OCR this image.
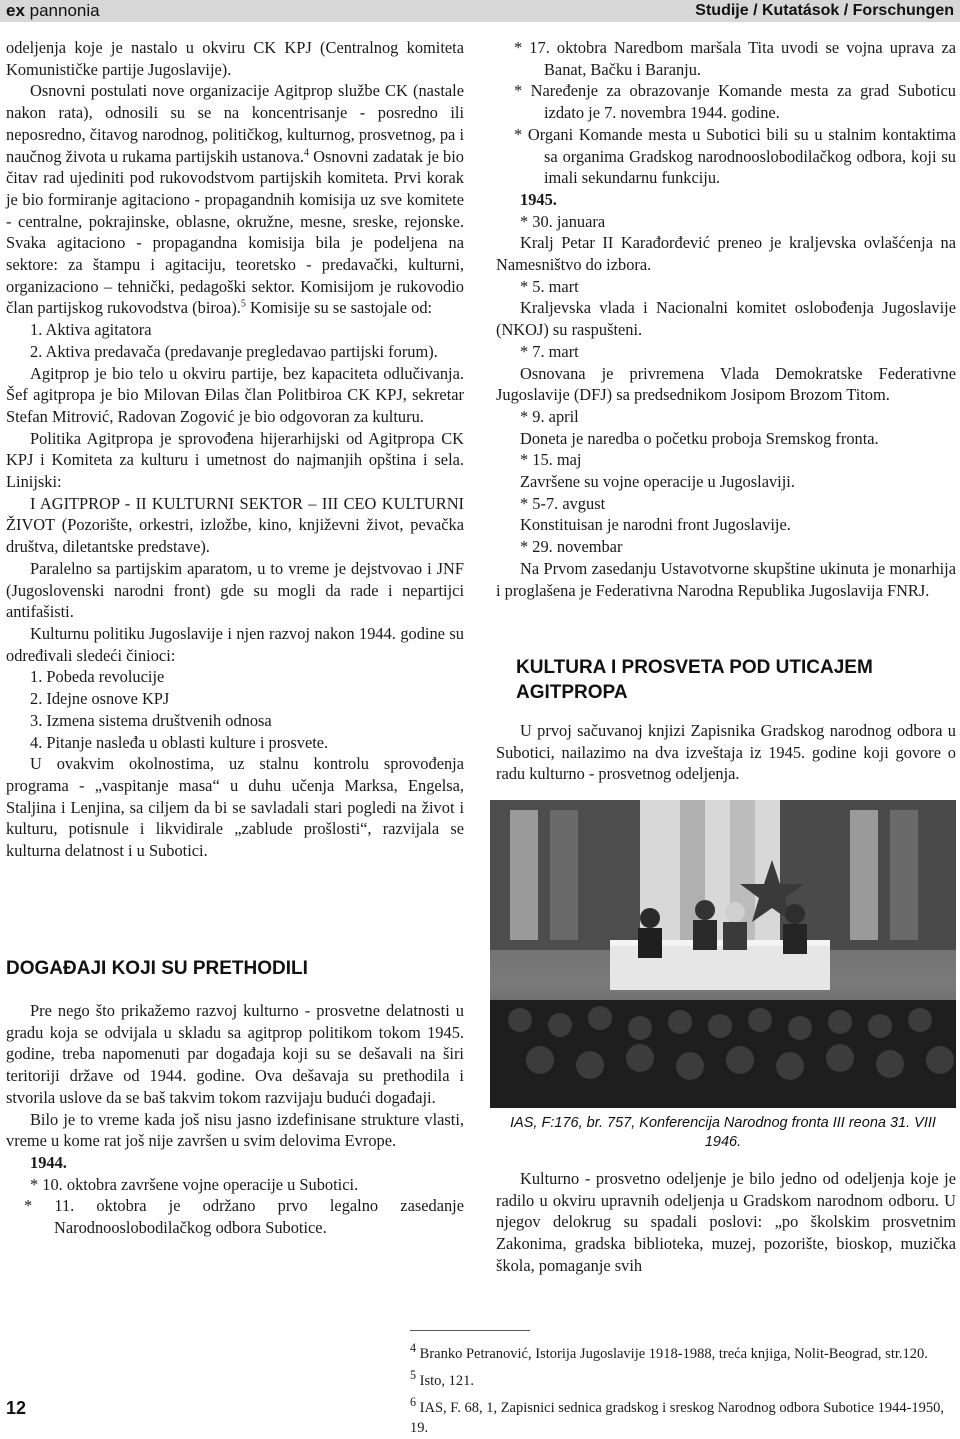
ex pannonia	Studije / Kutatások / Forschungen

odeljenja koje je nastalo u okviru CK KPJ (Centralnog komiteta Komunističke partije Jugoslavije).

Osnovni postulati nove organizacije Agitprop službe CK (nastale nakon rata), odnosili su se na koncentrisanje - posredno ili neposredno, čitavog narodnog, političkog, kulturnog, prosvetnog, pa i naučnog života u rukama partijskih ustanova.$^4$ Osnovni zadatak je bio čitav rad ujediniti pod rukovodstvom partijskih komiteta. Prvi korak je bio formiranje agitaciono - propagandnih komisija uz sve komitete - centralne, pokrajinske, oblasne, okružne, mesne, sreske, rejonske. Svaka agitaciono - propagandna komisija bila je podeljena na sektore: za štampu i agitaciju, teoretsko - predavački, kulturni, organizaciono – tehnički, pedagoški sektor. Komisijom je rukovodio član partijskog rukovodstva (biroa).$^5$ Komisije su se sastojale od:

1. Aktiva agitatora

2. Aktiva predavača (predavanje pregledavao partijski forum).

Agitprop je bio telo u okviru partije, bez kapaciteta odlučivanja. Šef agitpropa je bio Milovan Đilas član Politbiroa CK KPJ, sekretar Stefan Mitrović, Radovan Zogović je bio odgovoran za kulturu.

Politika Agitpropa je sprovođena hijerarhijski od Agitpropa CK KPJ i Komiteta za kulturu i umetnost do najmanjih opština i sela. Linijski:

I AGITPROP - II KULTURNI SEKTOR – III CEO KULTURNI ŽIVOT (Pozorište, orkestri, izložbe, kino, književni život, pevačka društva, diletantske predstave).

Paralelno sa partijskim aparatom, u to vreme je dejstvovao i JNF (Jugoslovenski narodni front) gde su mogli da rade i nepartijci antifašisti.

Kulturnu politiku Jugoslavije i njen razvoj nakon 1944. godine su određivali sledeći činioci:

1. Pobeda revolucije

2. Idejne osnove KPJ

3. Izmena sistema društvenih odnosa

4. Pitanje nasleđa u oblasti kulture i prosvete.

U ovakvim okolnostima, uz stalnu kontrolu sprovođenja programa - „vaspitanje masa“ u duhu učenja Marksa, Engelsa, Staljina i Lenjina, sa ciljem da bi se savladali stari pogledi na život i kulturu, potisnule i likvidirale „zablude prošlosti“, razvijala se kulturna delatnost i u Subotici.

DOGAĐAJI KOJI SU PRETHODILI

Pre nego što prikažemo razvoj kulturno - prosvetne delatnosti u gradu koja se odvijala u skladu sa agitprop politikom tokom 1945. godine, treba napomenuti par događaja koji su se dešavali na širi teritoriji države od 1944. godine. Ova dešavaja su prethodila i stvorila uslove da se baš takvim tokom razvijaju budući događaji.

Bilo je to vreme kada još nisu jasno izdefinisane strukture vlasti, vreme u kome rat još nije završen u svim delovima Evrope.

1944.

* 10. oktobra završene vojne operacije u Subotici.

* 11. oktobra je održano prvo legalno zasedanje Narodnooslobodilačkog odbora Subotice.

* 17. oktobra Naredbom maršala Tita uvodi se vojna uprava za Banat, Bačku i Baranju.

* Naređenje za obrazovanje Komande mesta za grad Suboticu izdato je 7. novembra 1944. godine.

* Organi Komande mesta u Subotici bili su u stalnim kontaktima sa organima Gradskog narodnooslobodilačkog odbora, koji su imali sekundarnu funkciju.

1945.

* 30. januara

Kralj Petar II Karađorđević preneo je kraljevska ovlašćenja na Namesništvo do izbora.

* 5. mart

Kraljevska vlada i Nacionalni komitet oslobođenja Jugoslavije (NKOJ) su raspušteni.

* 7. mart

Osnovana je privremena Vlada Demokratske Federativne Jugoslavije (DFJ) sa predsednikom Josipom Brozom Titom.

* 9. april

Doneta je naredba o početku proboja Sremskog fronta.

* 15. maj

Završene su vojne operacije u Jugoslaviji.

* 5-7. avgust

Konstituisan je narodni front Jugoslavije.

* 29. novembar

Na Prvom zasedanju Ustavotvorne skupštine ukinuta je monarhija i proglašena je Federativna Narodna Republika Jugoslavija FNRJ.

KULTURA I PROSVETA POD UTICAJEM AGITPROPA

U prvoj sačuvanoj knjizi Zapisnika Gradskog narodnog odbora u Subotici, nailazimo na dva izveštaja iz 1945. godine koji govore o radu kulturno - prosvetnog odeljenja.

IAS, F:176, br. 757, Konferencija Narodnog fronta III reona 31. VIII 1946.

Kulturno - prosvetno odeljenje je bilo jedno od odeljenja koje je radilo u okviru upravnih odeljenja u Gradskom narodnom odboru. U njegov delokrug su spadali poslovi: „po školskim prosvetnim Zakonima, gradska biblioteka, muzej, pozorište, bioskop, muzička škola, pomaganje svih

$^4$ Branko Petranović, Istorija Jugoslavije 1918-1988, treća knjiga, Nolit-Beograd, str.120.

$^5$ Isto, 121.

$^6$ IAS, F. 68, 1, Zapisnici sednica gradskog i sreskog Narodnog odbora Subotice 1944-1950, 19.

12
